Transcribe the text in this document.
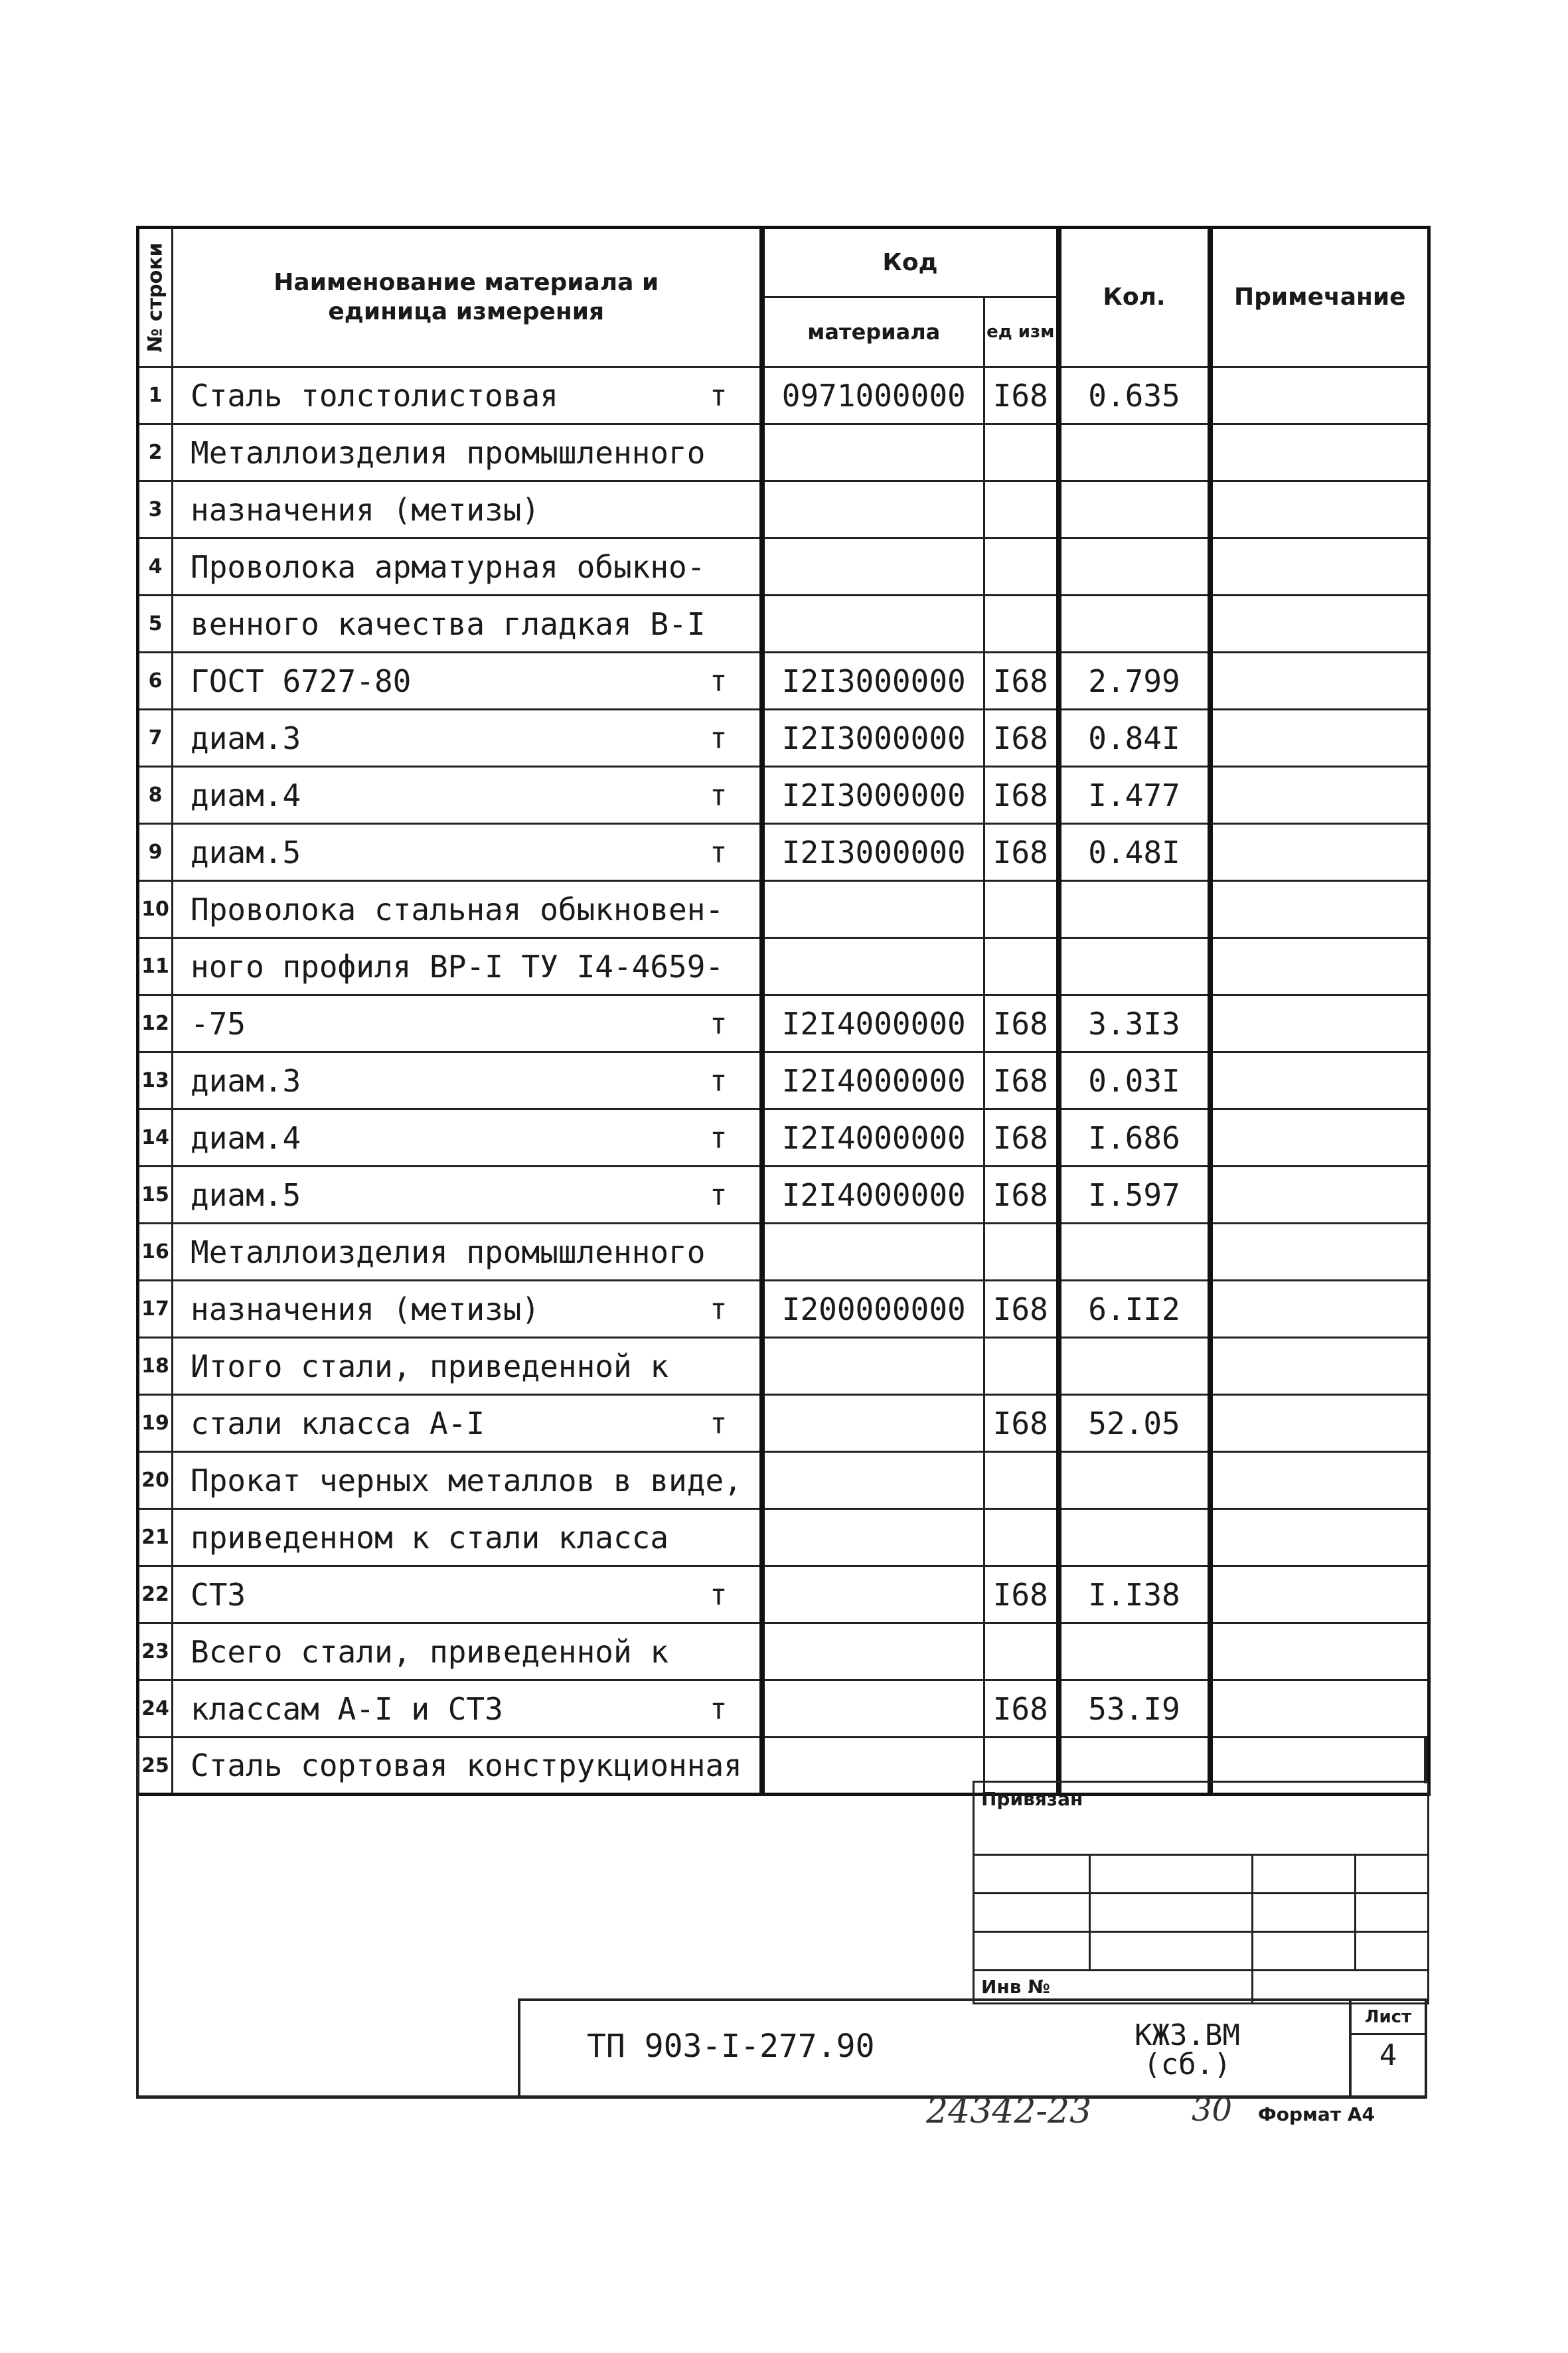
№ строки	Наименование материала и единица измерения	Код		Кол.	Примечание
		материала	ед изм		
1	Сталь толстолистовая т	0971000000	I68	0.635	
2	Металлоизделия промышленного

3	назначения (метизы)

4	Проволока арматурная обыкно-

5	венного качества гладкая В-I

6	ГОСТ 6727-80 т	I2I3000000	I68	2.799	
7	диам.3 т	I2I3000000	I68	0.84I	
8	диам.4 т	I2I3000000	I68	I.477	
9	диам.5 т	I2I3000000	I68	0.48I	
10	Проволока стальная обыкновен-

11	ного профиля ВР-I ТУ I4-4659-

12	-75 т	I2I4000000	I68	3.3I3	
13	диам.3 т	I2I4000000	I68	0.03I	
14	диам.4 т	I2I4000000	I68	I.686	
15	диам.5 т	I2I4000000	I68	I.597	
16	Металлоизделия промышленного

17	назначения (метизы) т	I200000000	I68	6.II2	
18	Итого стали, приведенной к

19	стали класса А-I т		I68	52.05	
20	Прокат черных металлов в виде,

21	приведенном к стали класса

22	СТ3 т		I68	I.I38	
23	Всего стали, приведенной к

24	классам А-I и СТ3 т		I68	53.I9	
25	Сталь сортовая конструкционная

Привязан			

Инв №			
ТП 903-I-277.90	КЖ3.ВМ
(сб.)
Лист
4
24342-23	30 Формат А4
